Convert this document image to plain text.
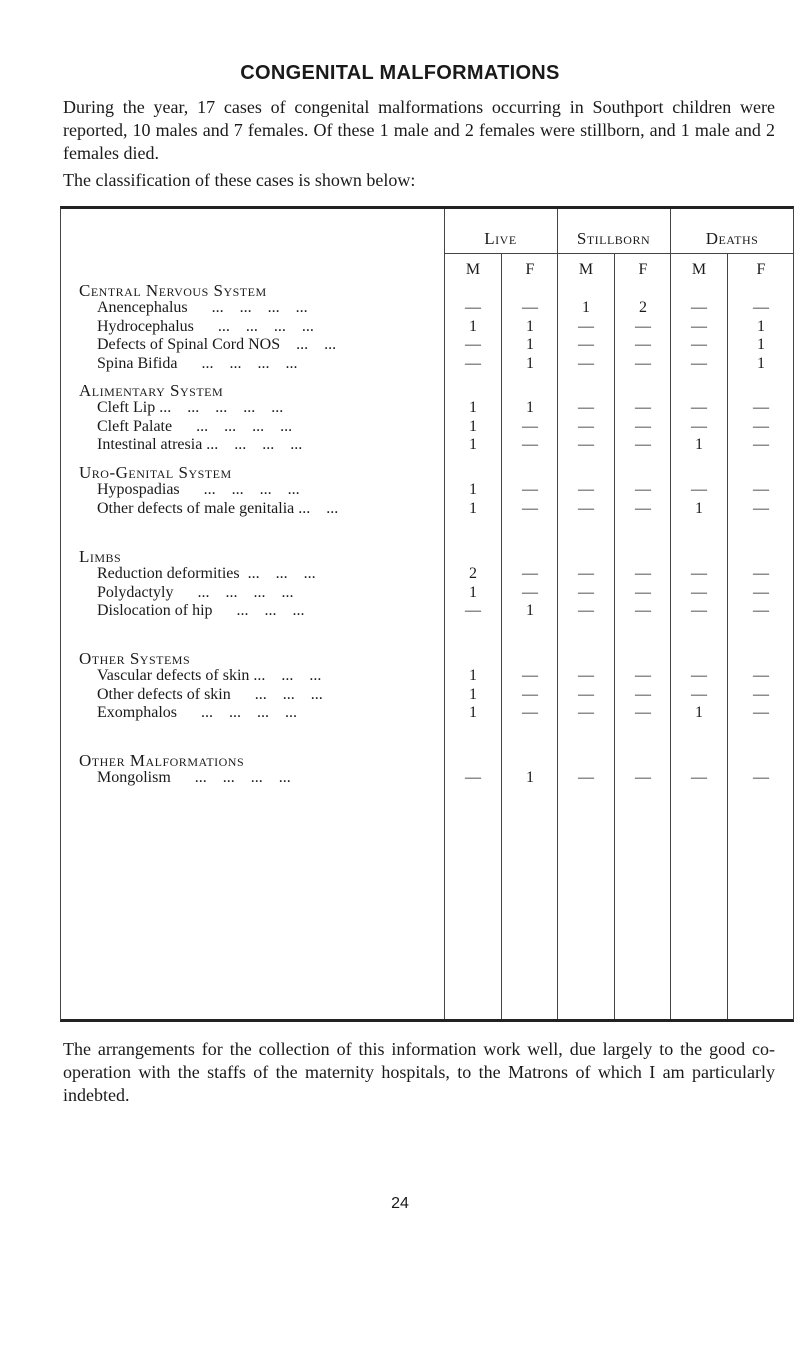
CONGENITAL MALFORMATIONS
During the year, 17 cases of congenital malformations occurring in Southport children were reported, 10 males and 7 females. Of these 1 male and 2 females were stillborn, and 1 male and 2 females died.
The classification of these cases is shown below:
Live	Stillborn	Deaths
M	F	M	F	M	F
Central Nervous System
Anencephalus      ...    ...    ...    ...	—	—	1	2	—	—
Hydrocephalus      ...    ...    ...    ...	1	1	—	—	—	1
Defects of Spinal Cord NOS    ...    ...	—	1	—	—	—	1
Spina Bifida      ...    ...    ...    ...	—	1	—	—	—	1
Alimentary System
Cleft Lip ...    ...    ...    ...    ...	1	1	—	—	—	—
Cleft Palate      ...    ...    ...    ...	1	—	—	—	—	—
Intestinal atresia ...    ...    ...    ...	1	—	—	—	1	—
Uro-Genital System
Hypospadias      ...    ...    ...    ...	1	—	—	—	—	—
Other defects of male genitalia ...    ...	1	—	—	—	1	—
Limbs
Reduction deformities  ...    ...    ...	2	—	—	—	—	—
Polydactyly      ...    ...    ...    ...	1	—	—	—	—	—
Dislocation of hip      ...    ...    ...	—	1	—	—	—	—
Other Systems
Vascular defects of skin ...    ...    ...	1	—	—	—	—	—
Other defects of skin      ...    ...    ...	1	—	—	—	—	—
Exomphalos      ...    ...    ...    ...	1	—	—	—	1	—
Other Malformations
Mongolism      ...    ...    ...    ...	—	1	—	—	—	—
The arrangements for the collection of this information work well, due largely to the good co-operation with the staffs of the maternity hospitals, to the Matrons of which I am particularly indebted.
24
